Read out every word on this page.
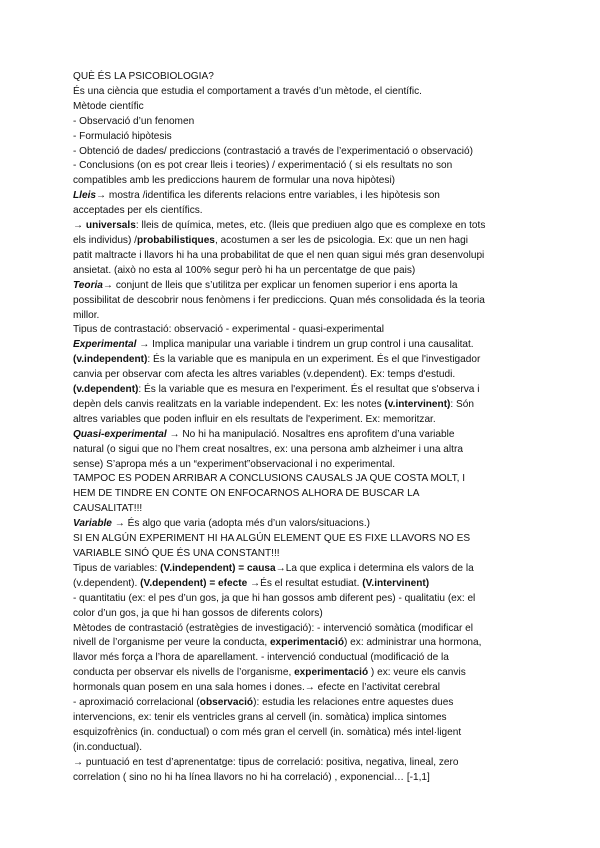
QUÈ ÉS LA PSICOBIOLOGIA?
És una ciència que estudia el comportament a través d’un mètode, el científic.
Mètode científic
- Observació d’un fenomen
- Formulació hipòtesis
- Obtenció de dades/ prediccions (contrastació a través de l’experimentació o observació)
- Conclusions (on es pot crear lleis i teories) / experimentació ( si els resultats no son
compatibles amb les prediccions haurem de formular una nova hipòtesi)
Lleis→ mostra /identifica les diferents relacions entre variables, i les hipòtesis son
acceptades per els científics.
→ universals: lleis de química, metes, etc. (lleis que prediuen algo que es complexe en tots
els individus) /probabilistiques, acostumen a ser les de psicologia. Ex: que un nen hagi
patit maltracte i llavors hi ha una probabilitat de que el nen quan sigui més gran desenvolupi
ansietat. (això no esta al 100% segur però hi ha un percentatge de que pais)
Teoria→ conjunt de lleis que s’utilitza per explicar un fenomen superior i ens aporta la
possibilitat de descobrir nous fenòmens i fer prediccions. Quan més consolidada és la teoria
millor.
Tipus de contrastació: observació - experimental - quasi-experimental
Experimental → Implica manipular una variable i tindrem un grup control i una causalitat.
(v.independent): És la variable que es manipula en un experiment. És el que l'investigador
canvia per observar com afecta les altres variables (v.dependent). Ex: temps d'estudi.
(v.dependent): És la variable que es mesura en l'experiment. És el resultat que s'observa i
depèn dels canvis realitzats en la variable independent. Ex: les notes (v.intervinent): Són
altres variables que poden influir en els resultats de l'experiment. Ex: memoritzar.
Quasi-experimental → No hi ha manipulació. Nosaltres ens aprofitem d’una variable
natural (o sigui que no l’hem creat nosaltres, ex: una persona amb alzheimer i una altra
sense) S’apropa més a un “experiment”observacional i no experimental.
TAMPOC ES PODEN ARRIBAR A CONCLUSIONS CAUSALS JA QUE COSTA MOLT, I
HEM DE TINDRE EN CONTE ON ENFOCARNOS ALHORA DE BUSCAR LA
CAUSALITAT!!!
Variable → És algo que varia (adopta més d’un valors/situacions.)
SI EN ALGÚN EXPERIMENT HI HA ALGÚN ELEMENT QUE ES FIXE LLAVORS NO ES
VARIABLE SINÓ QUE ÉS UNA CONSTANT!!!
Tipus de variables: (V.independent) = causa→La que explica i determina els valors de la
(v.dependent). (V.dependent) = efecte →És el resultat estudiat. (V.intervinent)
- quantitatiu (ex: el pes d’un gos, ja que hi han gossos amb diferent pes) - qualitatiu (ex: el
color d’un gos, ja que hi han gossos de diferents colors)
Mètodes de contrastació (estratègies de investigació): - intervenció somàtica (modificar el
nivell de l’organisme per veure la conducta, experimentació) ex: administrar una hormona,
llavor més força a l’hora de aparellament. - intervenció conductual (modificació de la
conducta per observar els nivells de l’organisme, experimentació ) ex: veure els canvis
hormonals quan posem en una sala homes i dones.→ efecte en l’activitat cerebral
- aproximació correlacional (observació): estudia les relaciones entre aquestes dues
intervencions, ex: tenir els ventricles grans al cervell (in. somàtica) implica sintomes
esquizofrènics (in. conductual) o com més gran el cervell (in. somàtica) més intel·ligent
(in.conductual).
→ puntuació en test d’aprenentatge: tipus de correlació: positiva, negativa, lineal, zero
correlation ( sino no hi ha línea llavors no hi ha correlació) , exponencial… [-1,1]
